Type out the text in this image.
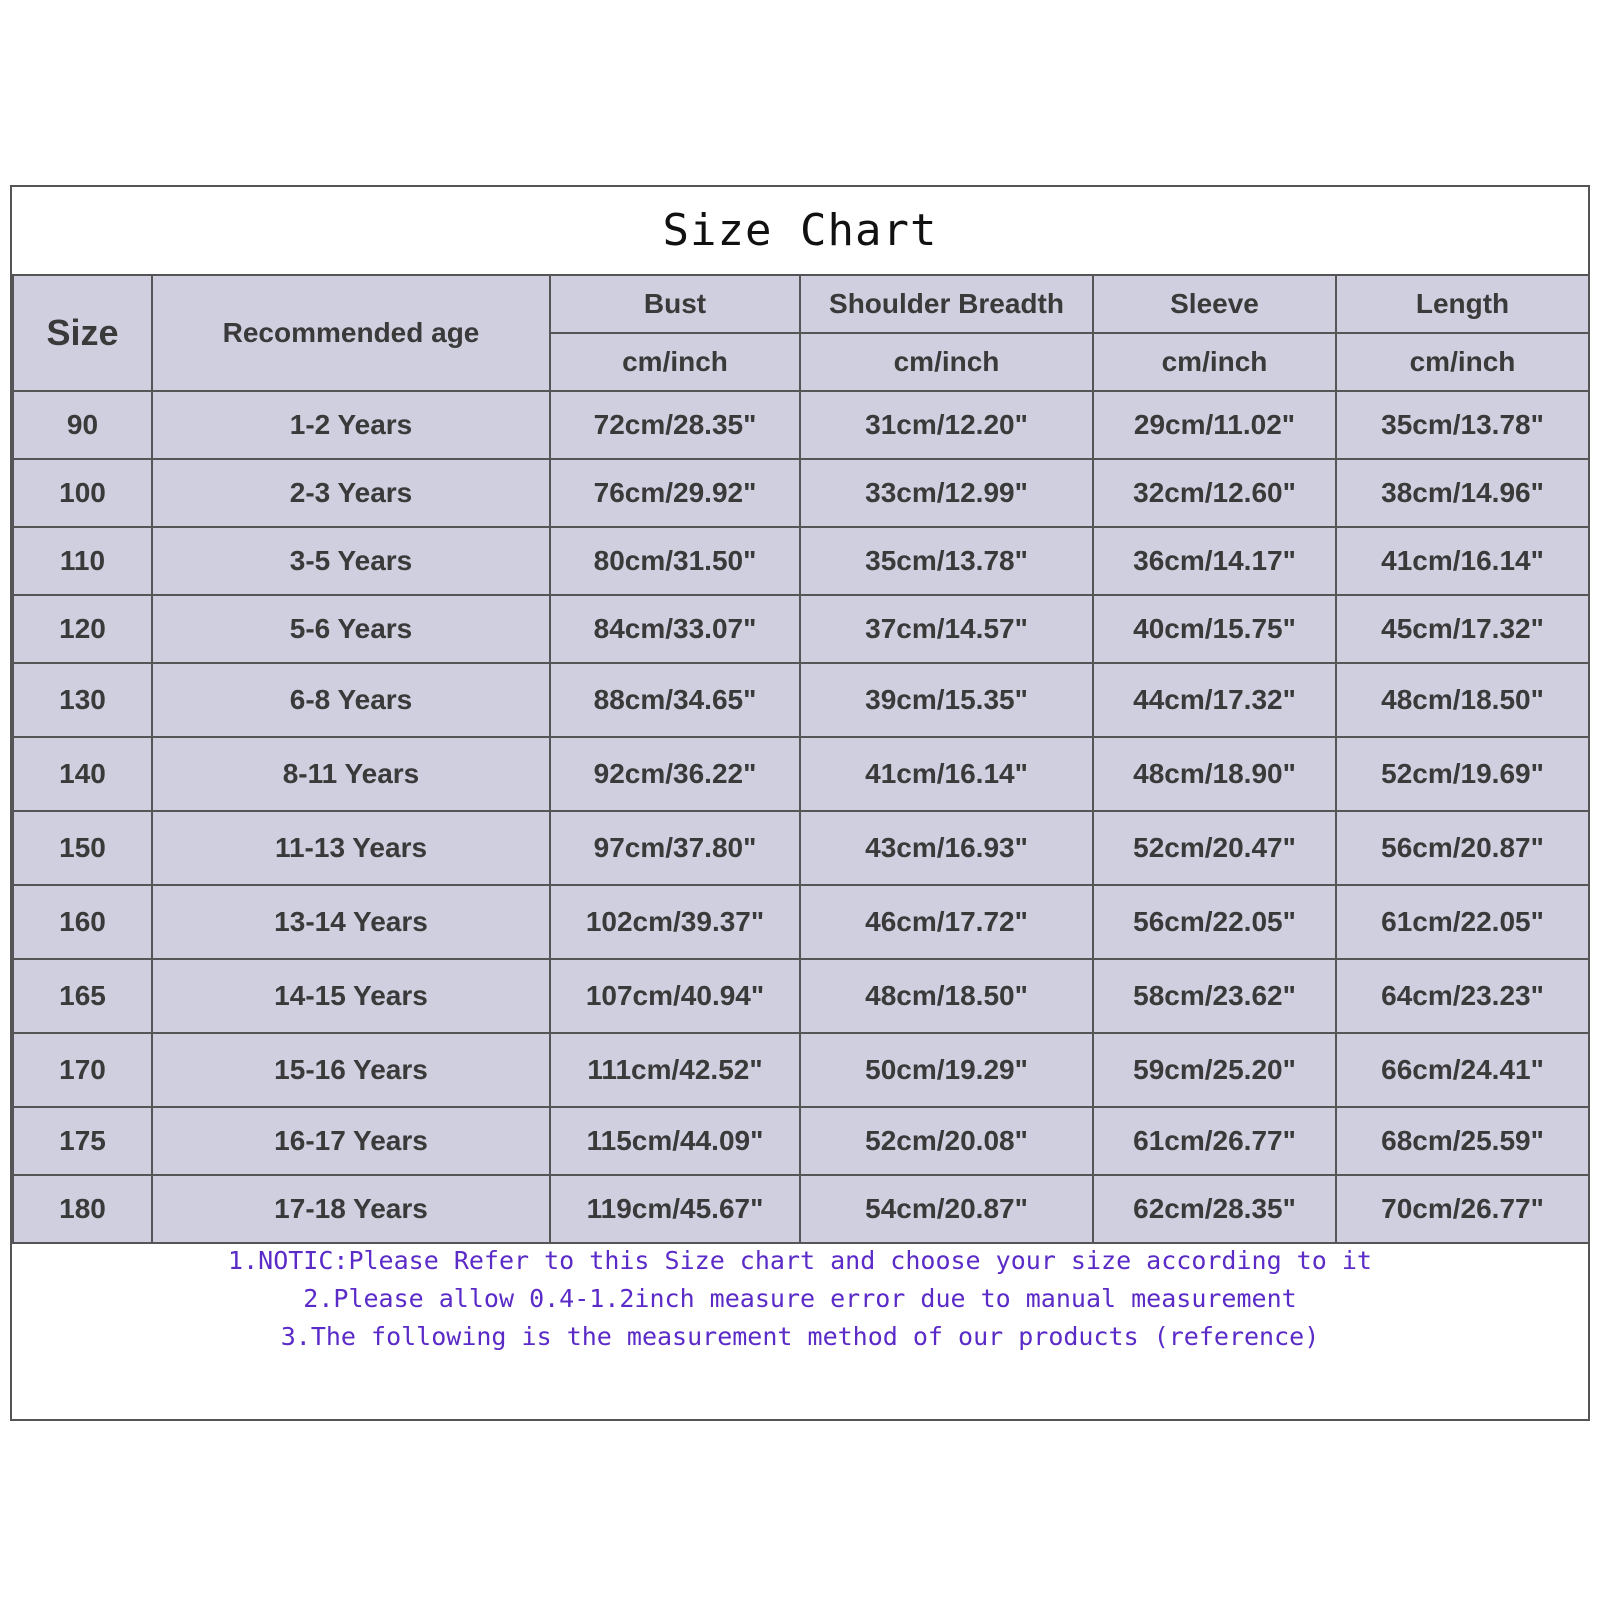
Size Chart
Size	Recommended age	Bust	Shoulder Breadth	Sleeve	Length
		cm/inch	cm/inch	cm/inch	cm/inch
90	1-2 Years	72cm/28.35"	31cm/12.20"	29cm/11.02"	35cm/13.78"
100	2-3 Years	76cm/29.92"	33cm/12.99"	32cm/12.60"	38cm/14.96"
110	3-5 Years	80cm/31.50"	35cm/13.78"	36cm/14.17"	41cm/16.14"
120	5-6 Years	84cm/33.07"	37cm/14.57"	40cm/15.75"	45cm/17.32"
130	6-8 Years	88cm/34.65"	39cm/15.35"	44cm/17.32"	48cm/18.50"
140	8-11 Years	92cm/36.22"	41cm/16.14"	48cm/18.90"	52cm/19.69"
150	11-13 Years	97cm/37.80"	43cm/16.93"	52cm/20.47"	56cm/20.87"
160	13-14 Years	102cm/39.37"	46cm/17.72"	56cm/22.05"	61cm/22.05"
165	14-15 Years	107cm/40.94"	48cm/18.50"	58cm/23.62"	64cm/23.23"
170	15-16 Years	111cm/42.52"	50cm/19.29"	59cm/25.20"	66cm/24.41"
175	16-17 Years	115cm/44.09"	52cm/20.08"	61cm/26.77"	68cm/25.59"
180	17-18 Years	119cm/45.67"	54cm/20.87"	62cm/28.35"	70cm/26.77"
1.NOTIC:Please Refer to this Size chart and choose your size according to it
2.Please allow 0.4-1.2inch measure error due to manual measurement
3.The following is the measurement method of our products (reference)
